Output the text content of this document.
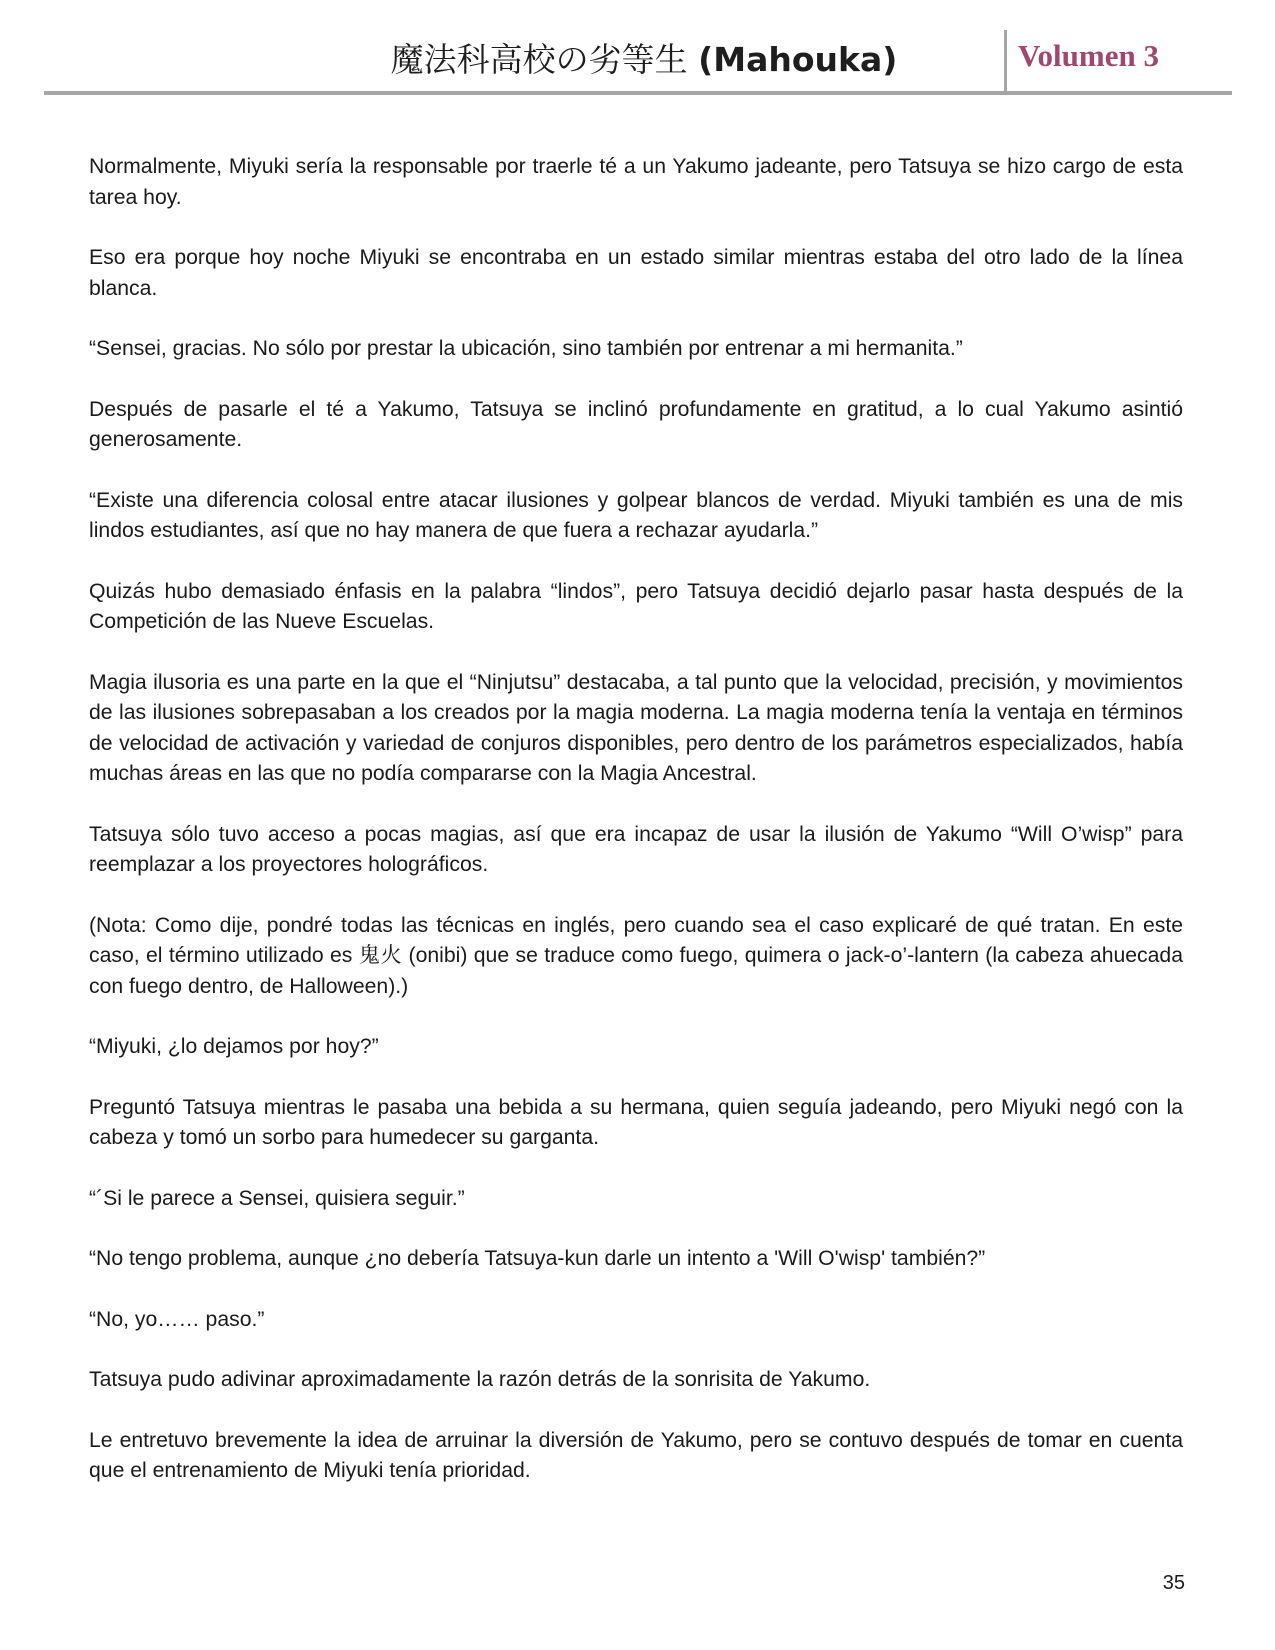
魔法科高校の劣等生 (Mahouka)	Volumen 3

Normalmente, Miyuki sería la responsable por traerle té a un Yakumo jadeante, pero Tatsuya se hizo cargo de esta tarea hoy.

Eso era porque hoy noche Miyuki se encontraba en un estado similar mientras estaba del otro lado de la línea blanca.

“Sensei, gracias. No sólo por prestar la ubicación, sino también por entrenar a mi hermanita.”

Después de pasarle el té a Yakumo, Tatsuya se inclinó profundamente en gratitud, a lo cual Yakumo asintió generosamente.

“Existe una diferencia colosal entre atacar ilusiones y golpear blancos de verdad. Miyuki también es una de mis lindos estudiantes, así que no hay manera de que fuera a rechazar ayudarla.”

Quizás hubo demasiado énfasis en la palabra “lindos”, pero Tatsuya decidió dejarlo pasar hasta después de la Competición de las Nueve Escuelas.

Magia ilusoria es una parte en la que el “Ninjutsu” destacaba, a tal punto que la velocidad, precisión, y movimientos de las ilusiones sobrepasaban a los creados por la magia moderna. La magia moderna tenía la ventaja en términos de velocidad de activación y variedad de conjuros disponibles, pero dentro de los parámetros especializados, había muchas áreas en las que no podía compararse con la Magia Ancestral.

Tatsuya sólo tuvo acceso a pocas magias, así que era incapaz de usar la ilusión de Yakumo “Will O’wisp” para reemplazar a los proyectores holográficos.

(Nota: Como dije, pondré todas las técnicas en inglés, pero cuando sea el caso explicaré de qué tratan. En este caso, el término utilizado es 鬼火 (onibi) que se traduce como fuego, quimera o jack-o’-lantern (la cabeza ahuecada con fuego dentro, de Halloween).)

“Miyuki, ¿lo dejamos por hoy?”

Preguntó Tatsuya mientras le pasaba una bebida a su hermana, quien seguía jadeando, pero Miyuki negó con la cabeza y tomó un sorbo para humedecer su garganta.

“´Si le parece a Sensei, quisiera seguir.”

“No tengo problema, aunque ¿no debería Tatsuya-kun darle un intento a 'Will O'wisp' también?”

“No, yo…… paso.”

Tatsuya pudo adivinar aproximadamente la razón detrás de la sonrisita de Yakumo.

Le entretuvo brevemente la idea de arruinar la diversión de Yakumo, pero se contuvo después de tomar en cuenta que el entrenamiento de Miyuki tenía prioridad.

35
